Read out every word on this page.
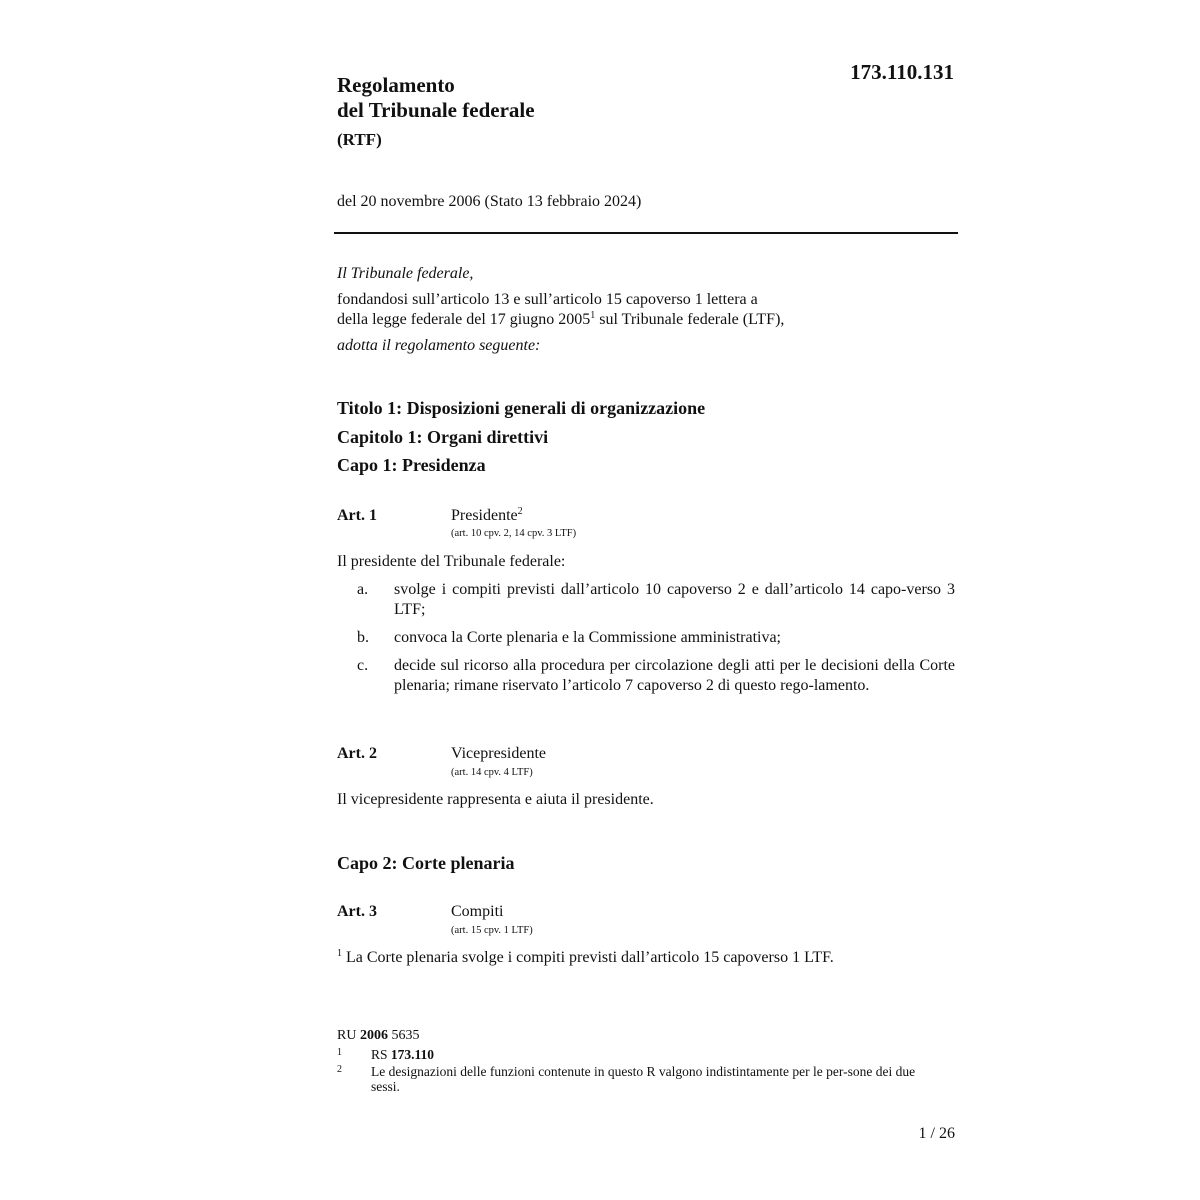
173.110.131
Regolamento
del Tribunale federale
(RTF)
del 20 novembre 2006 (Stato 13 febbraio 2024)
Il Tribunale federale,
fondandosi sull’articolo 13 e sull’articolo 15 capoverso 1 lettera a
della legge federale del 17 giugno 2005$^1$ sul Tribunale federale (LTF),
adotta il regolamento seguente:
Titolo 1: Disposizioni generali di organizzazione
Capitolo 1: Organi direttivi
Capo 1: Presidenza
Art. 1	Presidente$^2$
(art. 10 cpv. 2, 14 cpv. 3 LTF)
Il presidente del Tribunale federale:
a.	svolge i compiti previsti dall’articolo 10 capoverso 2 e dall’articolo 14 capo-verso 3 LTF;
b.	convoca la Corte plenaria e la Commissione amministrativa;
c.	decide sul ricorso alla procedura per circolazione degli atti per le decisioni della Corte plenaria; rimane riservato l’articolo 7 capoverso 2 di questo rego-lamento.
Art. 2	Vicepresidente
(art. 14 cpv. 4 LTF)
Il vicepresidente rappresenta e aiuta il presidente.
Capo 2: Corte plenaria
Art. 3	Compiti
(art. 15 cpv. 1 LTF)
$^1$ La Corte plenaria svolge i compiti previsti dall’articolo 15 capoverso 1 LTF.
RU 2006 5635
1	RS 173.110
2	Le designazioni delle funzioni contenute in questo R valgono indistintamente per le per-sone dei due sessi.
1 / 26
